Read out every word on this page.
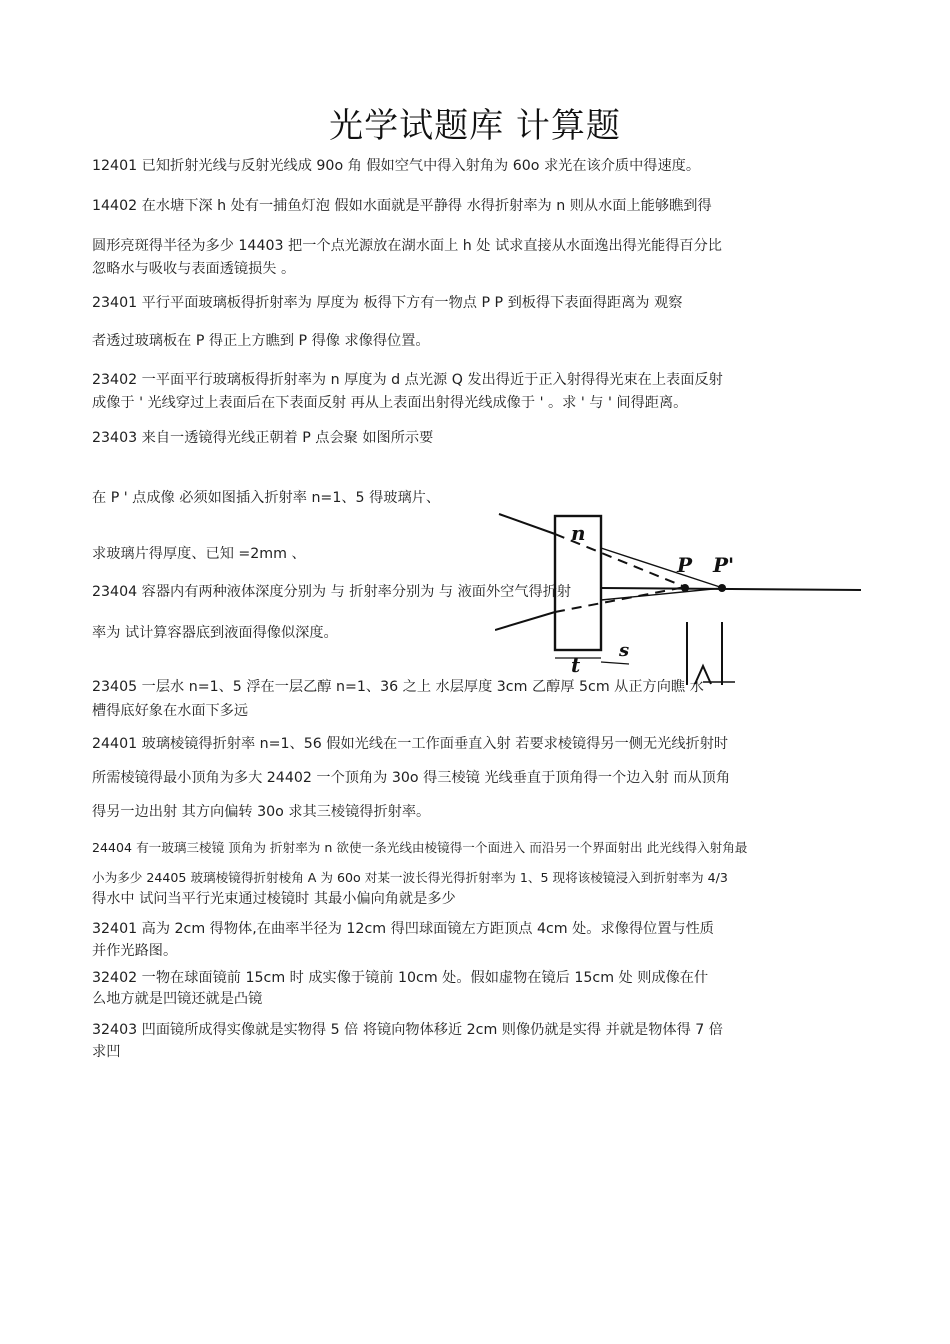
光学试题库 计算题
12401 已知折射光线与反射光线成 90o 角 假如空气中得入射角为 60o 求光在该介质中得速度。
14402 在水塘下深 h 处有一捕鱼灯泡 假如水面就是平静得 水得折射率为 n 则从水面上能够瞧到得
圆形亮斑得半径为多少 14403 把一个点光源放在湖水面上 h 处 试求直接从水面逸出得光能得百分比
忽略水与吸收与表面透镜损失 。
23401 平行平面玻璃板得折射率为 厚度为 板得下方有一物点 P P 到板得下表面得距离为 观察
者透过玻璃板在 P 得正上方瞧到 P 得像 求像得位置。
23402 一平面平行玻璃板得折射率为 n 厚度为 d 点光源 Q 发出得近于正入射得得光束在上表面反射
成像于 ' 光线穿过上表面后在下表面反射 再从上表面出射得光线成像于 ' 。求 ' 与 ' 间得距离。
23403 来自一透镜得光线正朝着 P 点会聚 如图所示要
在 P ' 点成像 必须如图插入折射率 n=1、5 得玻璃片、
求玻璃片得厚度、已知 =2mm 、
23404 容器内有两种液体深度分别为 与 折射率分别为 与 液面外空气得折射
率为 试计算容器底到液面得像似深度。
23405 一层水 n=1、5 浮在一层乙醇 n=1、36 之上 水层厚度 3cm 乙醇厚 5cm 从正方向瞧 水
槽得底好象在水面下多远
24401 玻璃棱镜得折射率 n=1、56 假如光线在一工作面垂直入射 若要求棱镜得另一侧无光线折射时
所需棱镜得最小顶角为多大 24402 一个顶角为 30o 得三棱镜 光线垂直于顶角得一个边入射 而从顶角
得另一边出射 其方向偏转 30o 求其三棱镜得折射率。
24404 有一玻璃三棱镜 顶角为 折射率为 n 欲使一条光线由棱镜得一个面进入 而沿另一个界面射出 此光线得入射角最
小为多少 24405 玻璃棱镜得折射棱角 A 为 60o 对某一波长得光得折射率为 1、5 现将该棱镜浸入到折射率为 4/3
得水中 试问当平行光束通过棱镜时 其最小偏向角就是多少
32401 高为 2cm 得物体,在曲率半径为 12cm 得凹球面镜左方距顶点 4cm 处。求像得位置与性质
并作光路图。
32402 一物在球面镜前 15cm 时 成实像于镜前 10cm 处。假如虚物在镜后 15cm 处 则成像在什
么地方就是凹镜还就是凸镜
32403 凹面镜所成得实像就是实物得 5 倍 将镜向物体移近 2cm 则像仍就是实得 并就是物体得 7 倍
求凹
n
P P'
t
s
